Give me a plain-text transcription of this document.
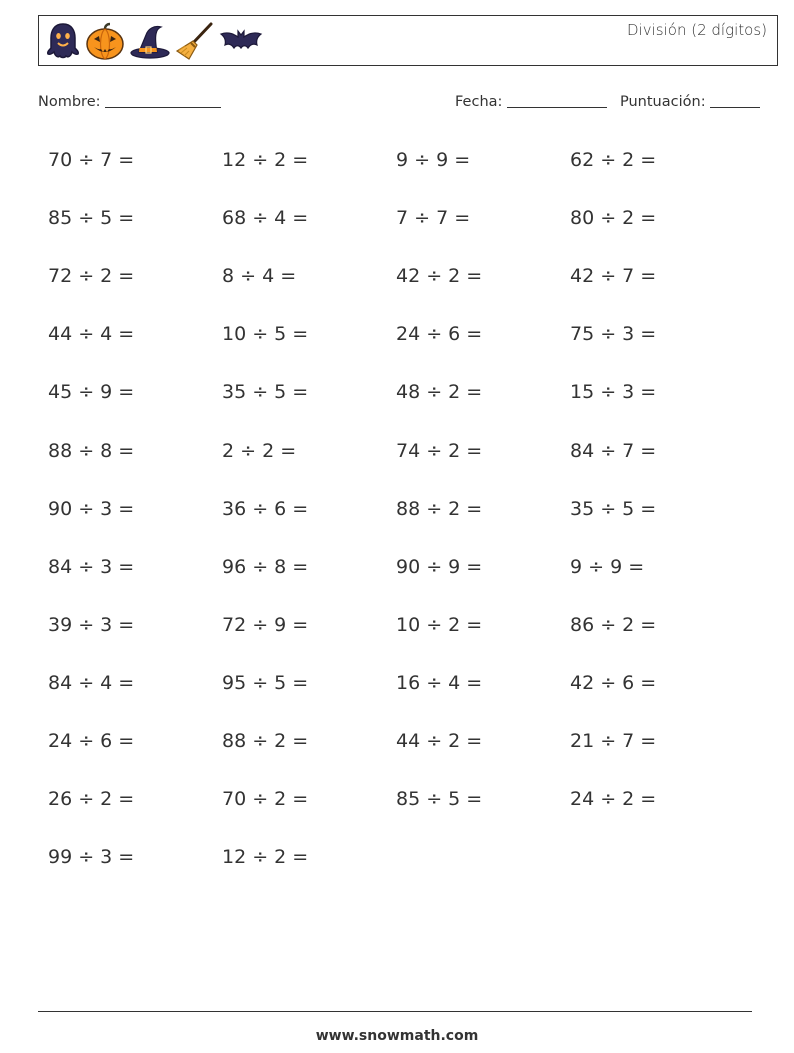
División (2 dígitos)
Nombre:	Fecha:	Puntuación:
70 ÷ 7 =	12 ÷ 2 =	9 ÷ 9 =	62 ÷ 2 =
85 ÷ 5 =	68 ÷ 4 =	7 ÷ 7 =	80 ÷ 2 =
72 ÷ 2 =	8 ÷ 4 =	42 ÷ 2 =	42 ÷ 7 =
44 ÷ 4 =	10 ÷ 5 =	24 ÷ 6 =	75 ÷ 3 =
45 ÷ 9 =	35 ÷ 5 =	48 ÷ 2 =	15 ÷ 3 =
88 ÷ 8 =	2 ÷ 2 =	74 ÷ 2 =	84 ÷ 7 =
90 ÷ 3 =	36 ÷ 6 =	88 ÷ 2 =	35 ÷ 5 =
84 ÷ 3 =	96 ÷ 8 =	90 ÷ 9 =	9 ÷ 9 =
39 ÷ 3 =	72 ÷ 9 =	10 ÷ 2 =	86 ÷ 2 =
84 ÷ 4 =	95 ÷ 5 =	16 ÷ 4 =	42 ÷ 6 =
24 ÷ 6 =	88 ÷ 2 =	44 ÷ 2 =	21 ÷ 7 =
26 ÷ 2 =	70 ÷ 2 =	85 ÷ 5 =	24 ÷ 2 =
99 ÷ 3 =	12 ÷ 2 =
www.snowmath.com
